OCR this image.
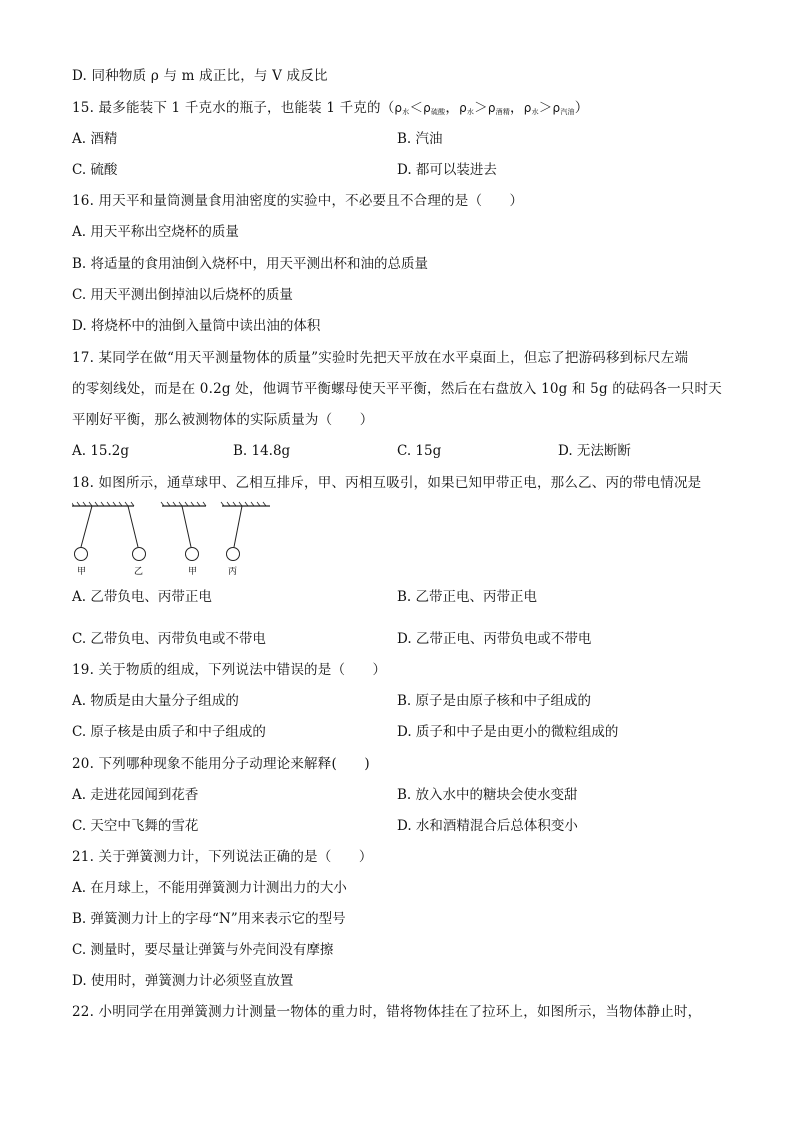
D. 同种物质 ρ 与 m 成正比，与 V 成反比
15. 最多能装下 1 千克水的瓶子，也能装 1 千克的（$\rho_水<\rho_{硫酸}$，$\rho_水>\rho_{酒精}$，$\rho_水>\rho_{汽油}$）
A. 酒精	B. 汽油
C. 硫酸	D. 都可以装进去
16. 用天平和量筒测量食用油密度的实验中，不必要且不合理的是（　　）
A. 用天平称出空烧杯的质量
B. 将适量的食用油倒入烧杯中，用天平测出杯和油的总质量
C. 用天平测出倒掉油以后烧杯的质量
D. 将烧杯中的油倒入量筒中读出油的体积
17. 某同学在做“用天平测量物体的质量”实验时先把天平放在水平桌面上，但忘了把游码移到标尺左端
的零刻线处，而是在 0.2g 处，他调节平衡螺母使天平平衡，然后在右盘放入 10g 和 5g 的砝码各一只时天
平刚好平衡，那么被测物体的实际质量为（　　）
A. 15.2g	B. 14.8g	C. 15g	D. 无法断断
18. 如图所示，通草球甲、乙相互排斥，甲、丙相互吸引，如果已知甲带正电，那么乙、丙的带电情况是
甲	乙	甲	丙
A. 乙带负电、丙带正电	B. 乙带正电、丙带正电
C. 乙带负电、丙带负电或不带电	D. 乙带正电、丙带负电或不带电
19. 关于物质的组成，下列说法中错误的是（　　）
A. 物质是由大量分子组成的	B. 原子是由原子核和中子组成的
C. 原子核是由质子和中子组成的	D. 质子和中子是由更小的微粒组成的
20. 下列哪种现象不能用分子动理论来解释(　　)
A. 走进花园闻到花香	B. 放入水中的糖块会使水变甜
C. 天空中飞舞的雪花	D. 水和酒精混合后总体积变小
21. 关于弹簧测力计，下列说法正确的是（　　）
A. 在月球上，不能用弹簧测力计测出力的大小
B. 弹簧测力计上的字母“N”用来表示它的型号
C. 测量时，要尽量让弹簧与外壳间没有摩擦
D. 使用时，弹簧测力计必须竖直放置
22. 小明同学在用弹簧测力计测量一物体的重力时，错将物体挂在了拉环上，如图所示，当物体静止时，
